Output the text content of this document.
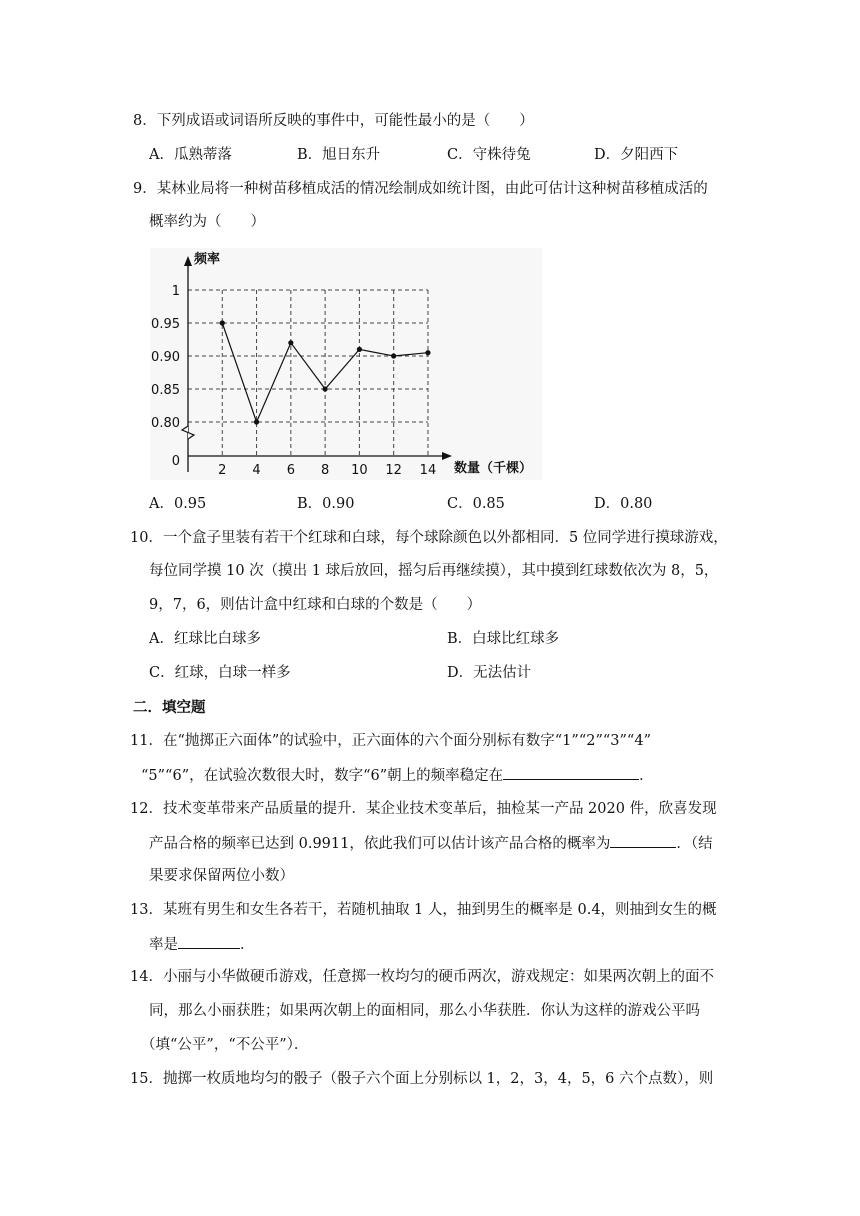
8．下列成语或词语所反映的事件中，可能性最小的是（　　）
A．瓜熟蒂落	B．旭日东升	C．守株待兔	D．夕阳西下
9．某林业局将一种树苗移植成活的情况绘制成如统计图，由此可估计这种树苗移植成活的
概率约为（　　）
频率
数量（千棵）
1
0.95
0.90
0.85
0.80
0
2 4 6 8 10 12 14
A．0.95	B．0.90	C．0.85	D．0.80
10．一个盒子里装有若干个红球和白球，每个球除颜色以外都相同．5 位同学进行摸球游戏，
每位同学摸 10 次（摸出 1 球后放回，摇匀后再继续摸），其中摸到红球数依次为 8，5，
9，7，6，则估计盒中红球和白球的个数是（　　）
A．红球比白球多	B．白球比红球多
C．红球，白球一样多	D．无法估计
二．填空题
11．在“抛掷正六面体”的试验中，正六面体的六个面分别标有数字“1”“2”“3”“4”
“5”“6”，在试验次数很大时，数字“6”朝上的频率稳定在	．
12．技术变革带来产品质量的提升．某企业技术变革后，抽检某一产品 2020 件，欣喜发现
产品合格的频率已达到 0.9911，依此我们可以估计该产品合格的概率为	．（结
果要求保留两位小数）
13．某班有男生和女生各若干，若随机抽取 1 人，抽到男生的概率是 0.4，则抽到女生的概
率是	．
14．小丽与小华做硬币游戏，任意掷一枚均匀的硬币两次，游戏规定：如果两次朝上的面不
同，那么小丽获胜；如果两次朝上的面相同，那么小华获胜．你认为这样的游戏公平吗
（填“公平”，“不公平”）．
15．抛掷一枚质地均匀的骰子（骰子六个面上分别标以 1，2，3，4，5，6 六个点数），则
